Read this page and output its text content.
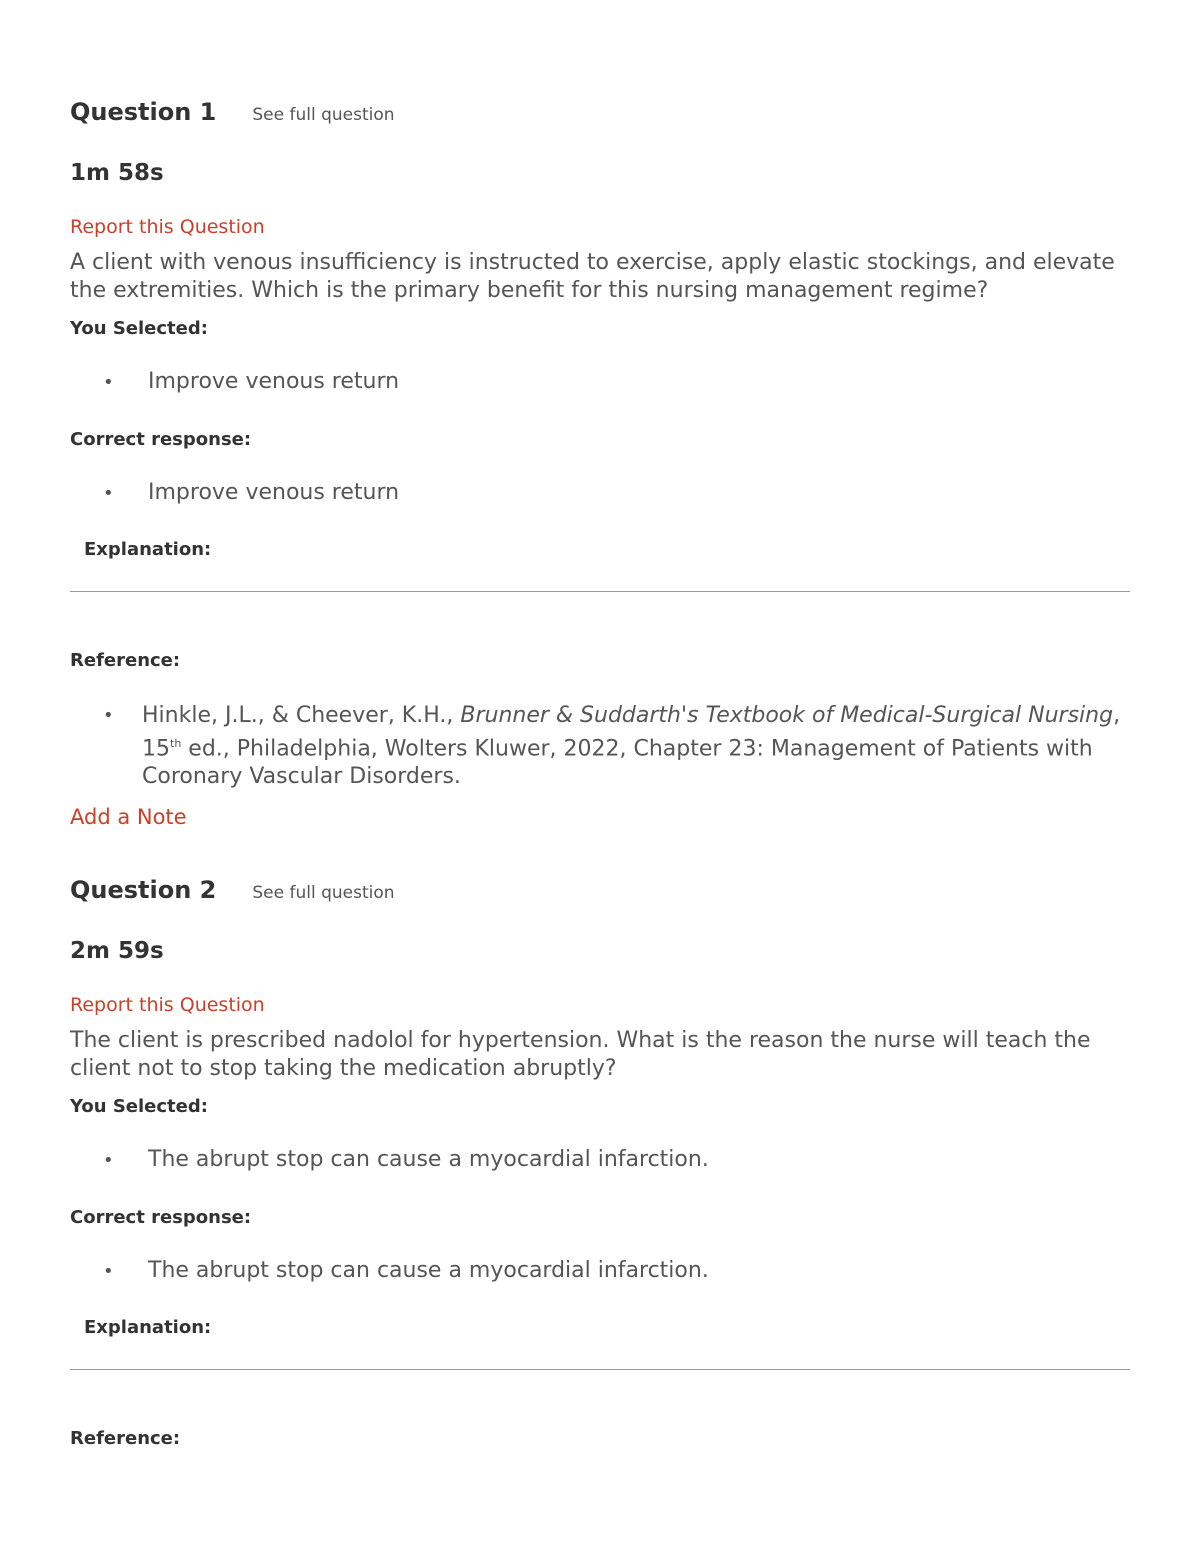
Question 1 See full question
1m 58s
Report this Question
A client with venous insufficiency is instructed to exercise, apply elastic stockings, and elevate the extremities. Which is the primary benefit for this nursing management regime?
You Selected:
•	Improve venous return
Correct response:
•	Improve venous return
Explanation:
Reference:
•	Hinkle, J.L., & Cheever, K.H., Brunner & Suddarth's Textbook of Medical-Surgical Nursing, 15th ed., Philadelphia, Wolters Kluwer, 2022, Chapter 23: Management of Patients with Coronary Vascular Disorders.
Add a Note
Question 2 See full question
2m 59s
Report this Question
The client is prescribed nadolol for hypertension. What is the reason the nurse will teach the client not to stop taking the medication abruptly?
You Selected:
•	The abrupt stop can cause a myocardial infarction.
Correct response:
•	The abrupt stop can cause a myocardial infarction.
Explanation:
Reference:
